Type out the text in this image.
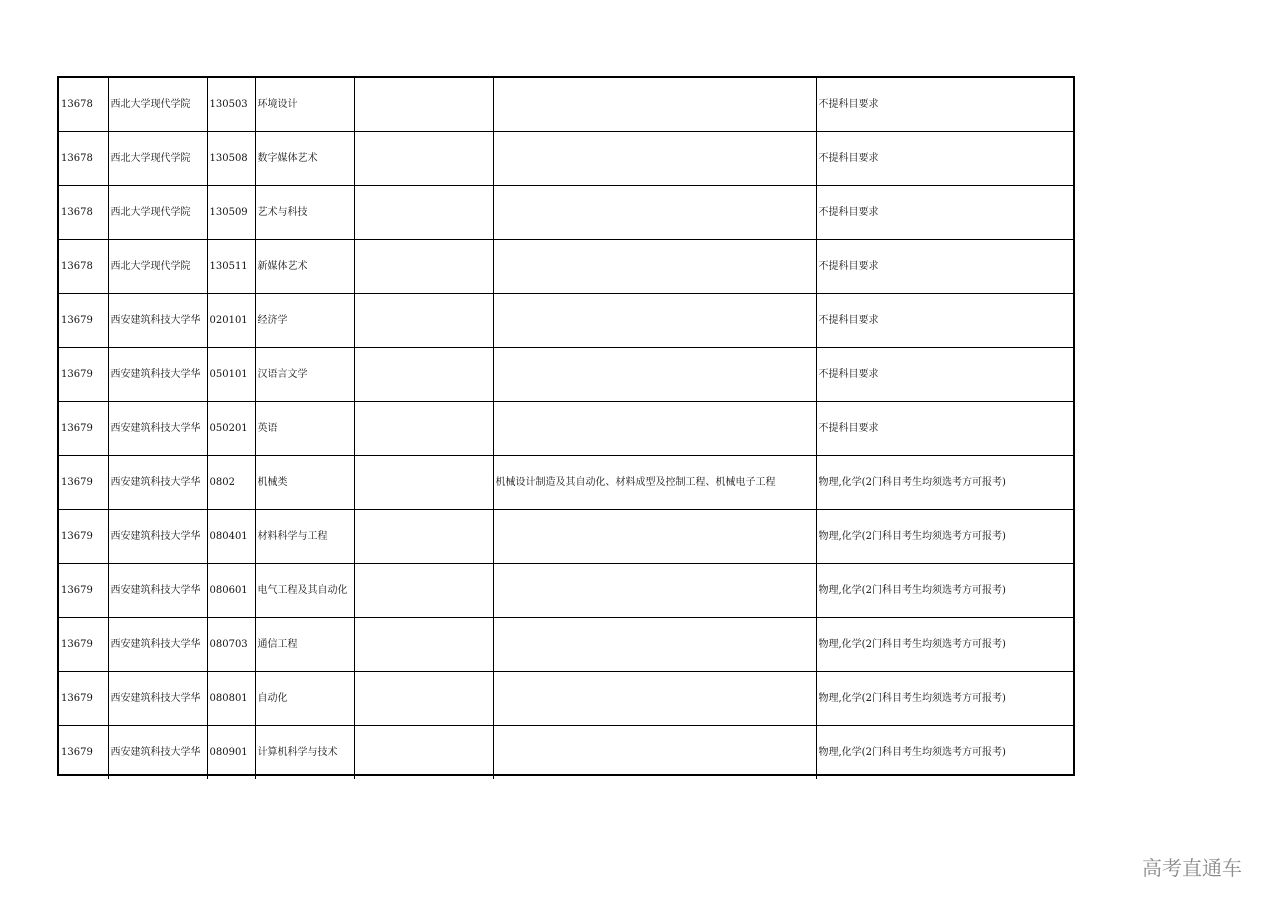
13678	西北大学现代学院	130503	环境设计			不提科目要求
13678	西北大学现代学院	130508	数字媒体艺术			不提科目要求
13678	西北大学现代学院	130509	艺术与科技			不提科目要求
13678	西北大学现代学院	130511	新媒体艺术			不提科目要求
13679	西安建筑科技大学华	020101	经济学			不提科目要求
13679	西安建筑科技大学华	050101	汉语言文学			不提科目要求
13679	西安建筑科技大学华	050201	英语			不提科目要求
13679	西安建筑科技大学华	0802	机械类		机械设计制造及其自动化、材料成型及控制工程、机械电子工程	物理,化学(2门科目考生均须选考方可报考)
13679	西安建筑科技大学华	080401	材料科学与工程			物理,化学(2门科目考生均须选考方可报考)
13679	西安建筑科技大学华	080601	电气工程及其自动化			物理,化学(2门科目考生均须选考方可报考)
13679	西安建筑科技大学华	080703	通信工程			物理,化学(2门科目考生均须选考方可报考)
13679	西安建筑科技大学华	080801	自动化			物理,化学(2门科目考生均须选考方可报考)
13679	西安建筑科技大学华	080901	计算机科学与技术			物理,化学(2门科目考生均须选考方可报考)
高考直通车
